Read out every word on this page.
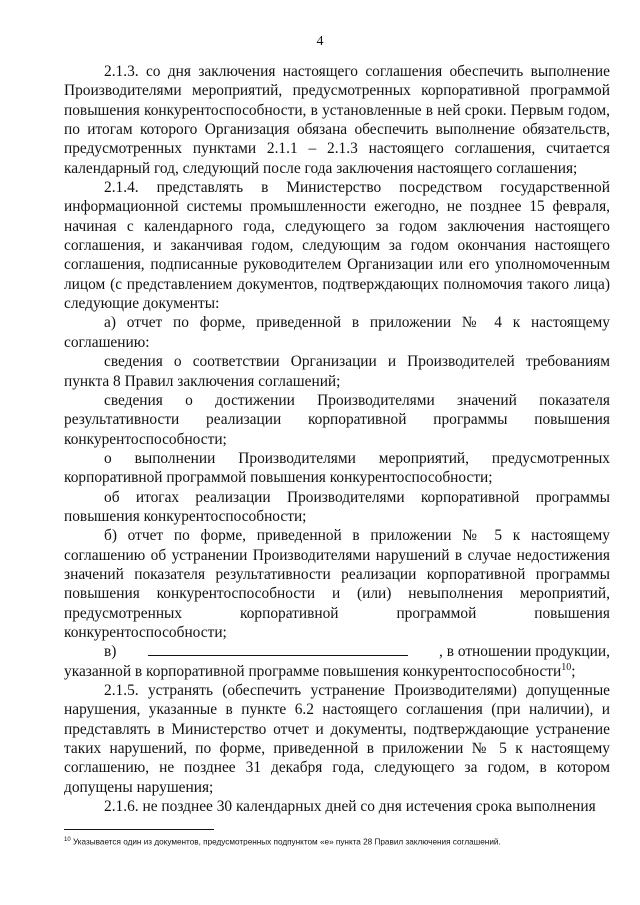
4

2.1.3. со дня заключения настоящего соглашения обеспечить выполнение Производителями мероприятий, предусмотренных корпоративной программой повышения конкурентоспособности, в установленные в ней сроки. Первым годом, по итогам которого Организация обязана обеспечить выполнение обязательств, предусмотренных пунктами 2.1.1 – 2.1.3 настоящего соглашения, считается календарный год, следующий после года заключения настоящего соглашения;

2.1.4. представлять в Министерство посредством государственной информационной системы промышленности ежегодно, не позднее 15 февраля, начиная с календарного года, следующего за годом заключения настоящего соглашения, и заканчивая годом, следующим за годом окончания настоящего соглашения, подписанные руководителем Организации или его уполномоченным лицом (с представлением документов, подтверждающих полномочия такого лица) следующие документы:

а) отчет по форме, приведенной в приложении № 4 к настоящему соглашению:

сведения о соответствии Организации и Производителей требованиям пункта 8 Правил заключения соглашений;

сведения о достижении Производителями значений показателя результативности реализации корпоративной программы повышения конкурентоспособности;

о выполнении Производителями мероприятий, предусмотренных корпоративной программой повышения конкурентоспособности;

об итогах реализации Производителями корпоративной программы повышения конкурентоспособности;

б) отчет по форме, приведенной в приложении № 5 к настоящему соглашению об устранении Производителями нарушений в случае недостижения значений показателя результативности реализации корпоративной программы повышения конкурентоспособности и (или) невыполнения мероприятий, предусмотренных корпоративной программой повышения конкурентоспособности;

в)	, в отношении продукции,

указанной в корпоративной программе повышения конкурентоспособности$^{10}$;

2.1.5. устранять (обеспечить устранение Производителями) допущенные нарушения, указанные в пункте 6.2 настоящего соглашения (при наличии), и представлять в Министерство отчет и документы, подтверждающие устранение таких нарушений, по форме, приведенной в приложении № 5 к настоящему соглашению, не позднее 31 декабря года, следующего за годом, в котором допущены нарушения;

2.1.6. не позднее 30 календарных дней со дня истечения срока выполнения

$^{10}$ Указывается один из документов, предусмотренных подпунктом «е» пункта 28 Правил заключения соглашений.
